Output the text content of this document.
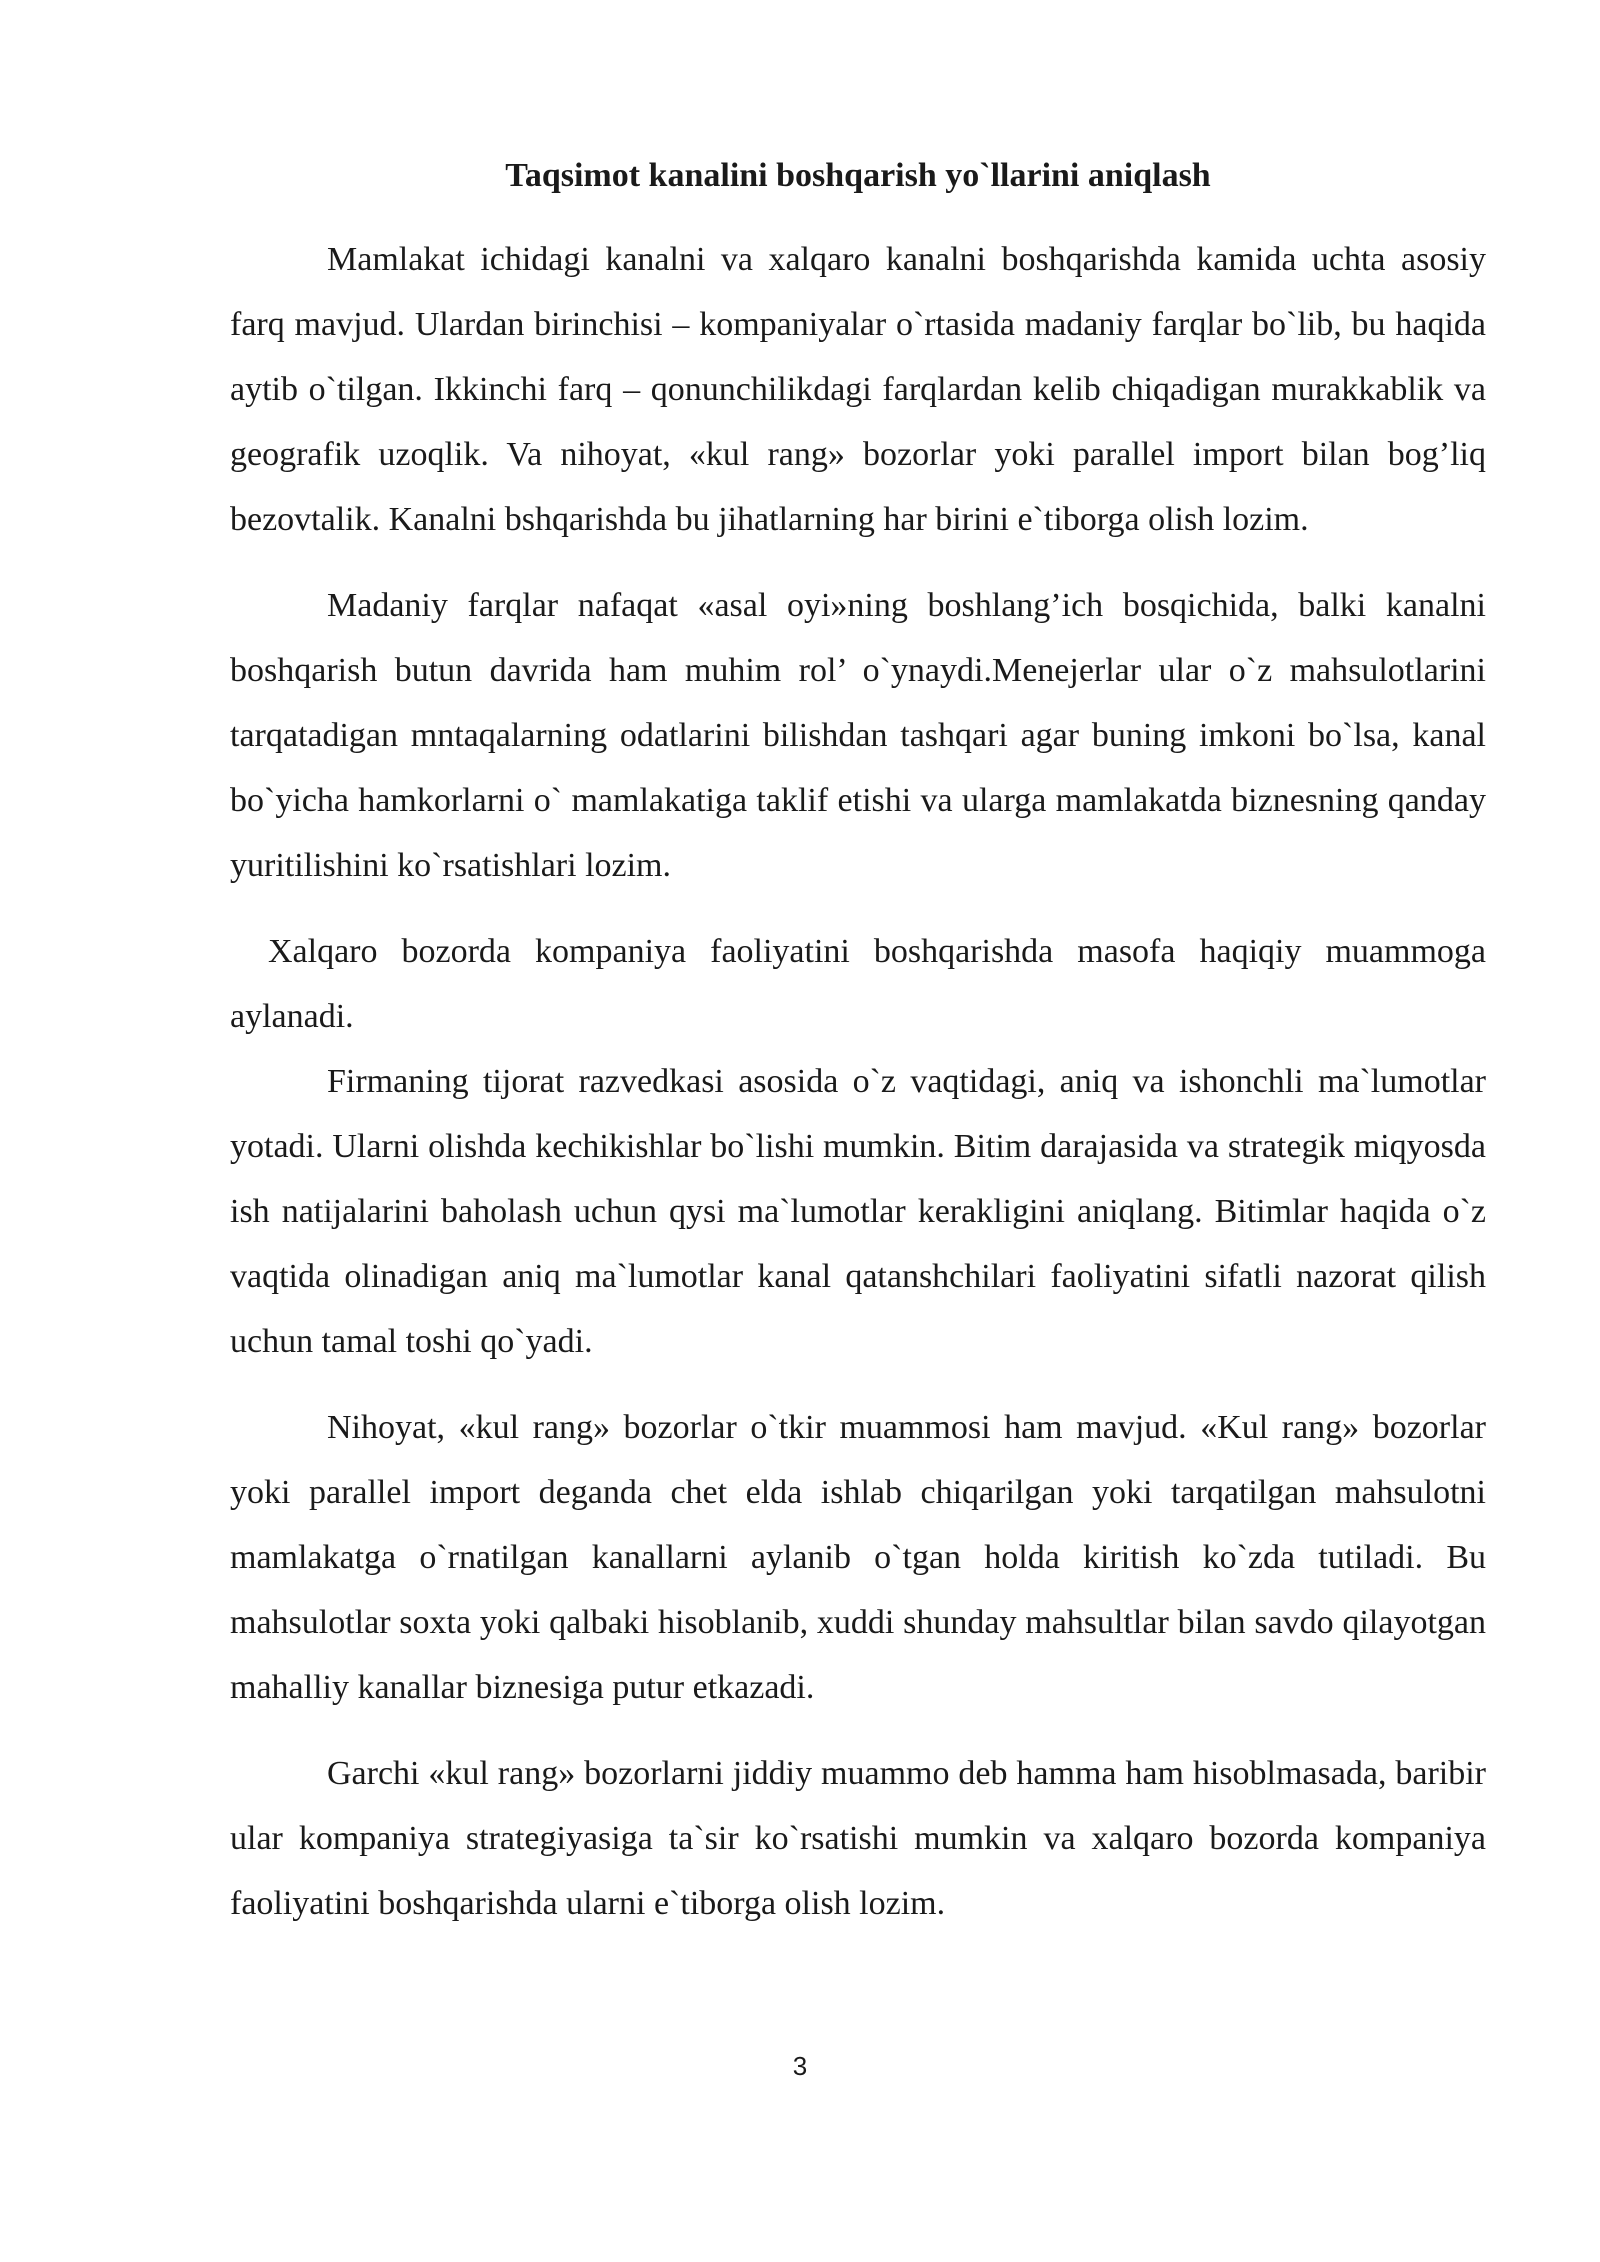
Taqsimot kanalini boshqarish yo`llarini aniqlash

Mamlakat ichidagi kanalni va xalqaro kanalni boshqarishda kamida uchta asosiy farq mavjud. Ulardan birinchisi – kompaniyalar o`rtasida madaniy farqlar bo`lib, bu haqida aytib o`tilgan. Ikkinchi farq – qonunchilikdagi farqlardan kelib chiqadigan murakkablik va geografik uzoqlik. Va nihoyat, «kul rang» bozorlar yoki parallel import bilan bog’liq bezovtalik. Kanalni bshqarishda bu jihatlarning har birini e`tiborga olish lozim.

Madaniy farqlar nafaqat «asal oyi»ning boshlang’ich bosqichida, balki kanalni boshqarish butun davrida ham muhim rol’ o`ynaydi.Menejerlar ular o`z mahsulotlarini tarqatadigan mntaqalarning odatlarini bilishdan tashqari agar buning imkoni bo`lsa, kanal bo`yicha hamkorlarni o` mamlakatiga taklif etishi va ularga mamlakatda biznesning qanday yuritilishini ko`rsatishlari lozim.

Xalqaro bozorda kompaniya faoliyatini boshqarishda masofa haqiqiy muammoga aylanadi.

Firmaning tijorat razvedkasi asosida o`z vaqtidagi, aniq va ishonchli ma`lumotlar yotadi. Ularni olishda kechikishlar bo`lishi mumkin. Bitim darajasida va strategik miqyosda ish natijalarini baholash uchun qysi ma`lumotlar kerakligini aniqlang. Bitimlar haqida o`z vaqtida olinadigan aniq ma`lumotlar kanal qatanshchilari faoliyatini sifatli nazorat qilish uchun tamal toshi qo`yadi.

Nihoyat, «kul rang» bozorlar o`tkir muammosi ham mavjud. «Kul rang» bozorlar yoki parallel import deganda chet elda ishlab chiqarilgan yoki tarqatilgan mahsulotni mamlakatga o`rnatilgan kanallarni aylanib o`tgan holda kiritish ko`zda tutiladi. Bu mahsulotlar soxta yoki qalbaki hisoblanib, xuddi shunday mahsultlar bilan savdo qilayotgan mahalliy kanallar biznesiga putur etkazadi.

Garchi «kul rang» bozorlarni jiddiy muammo deb hamma ham hisoblmasada, baribir ular kompaniya strategiyasiga ta`sir ko`rsatishi mumkin va xalqaro bozorda kompaniya faoliyatini boshqarishda ularni e`tiborga olish lozim.

3
